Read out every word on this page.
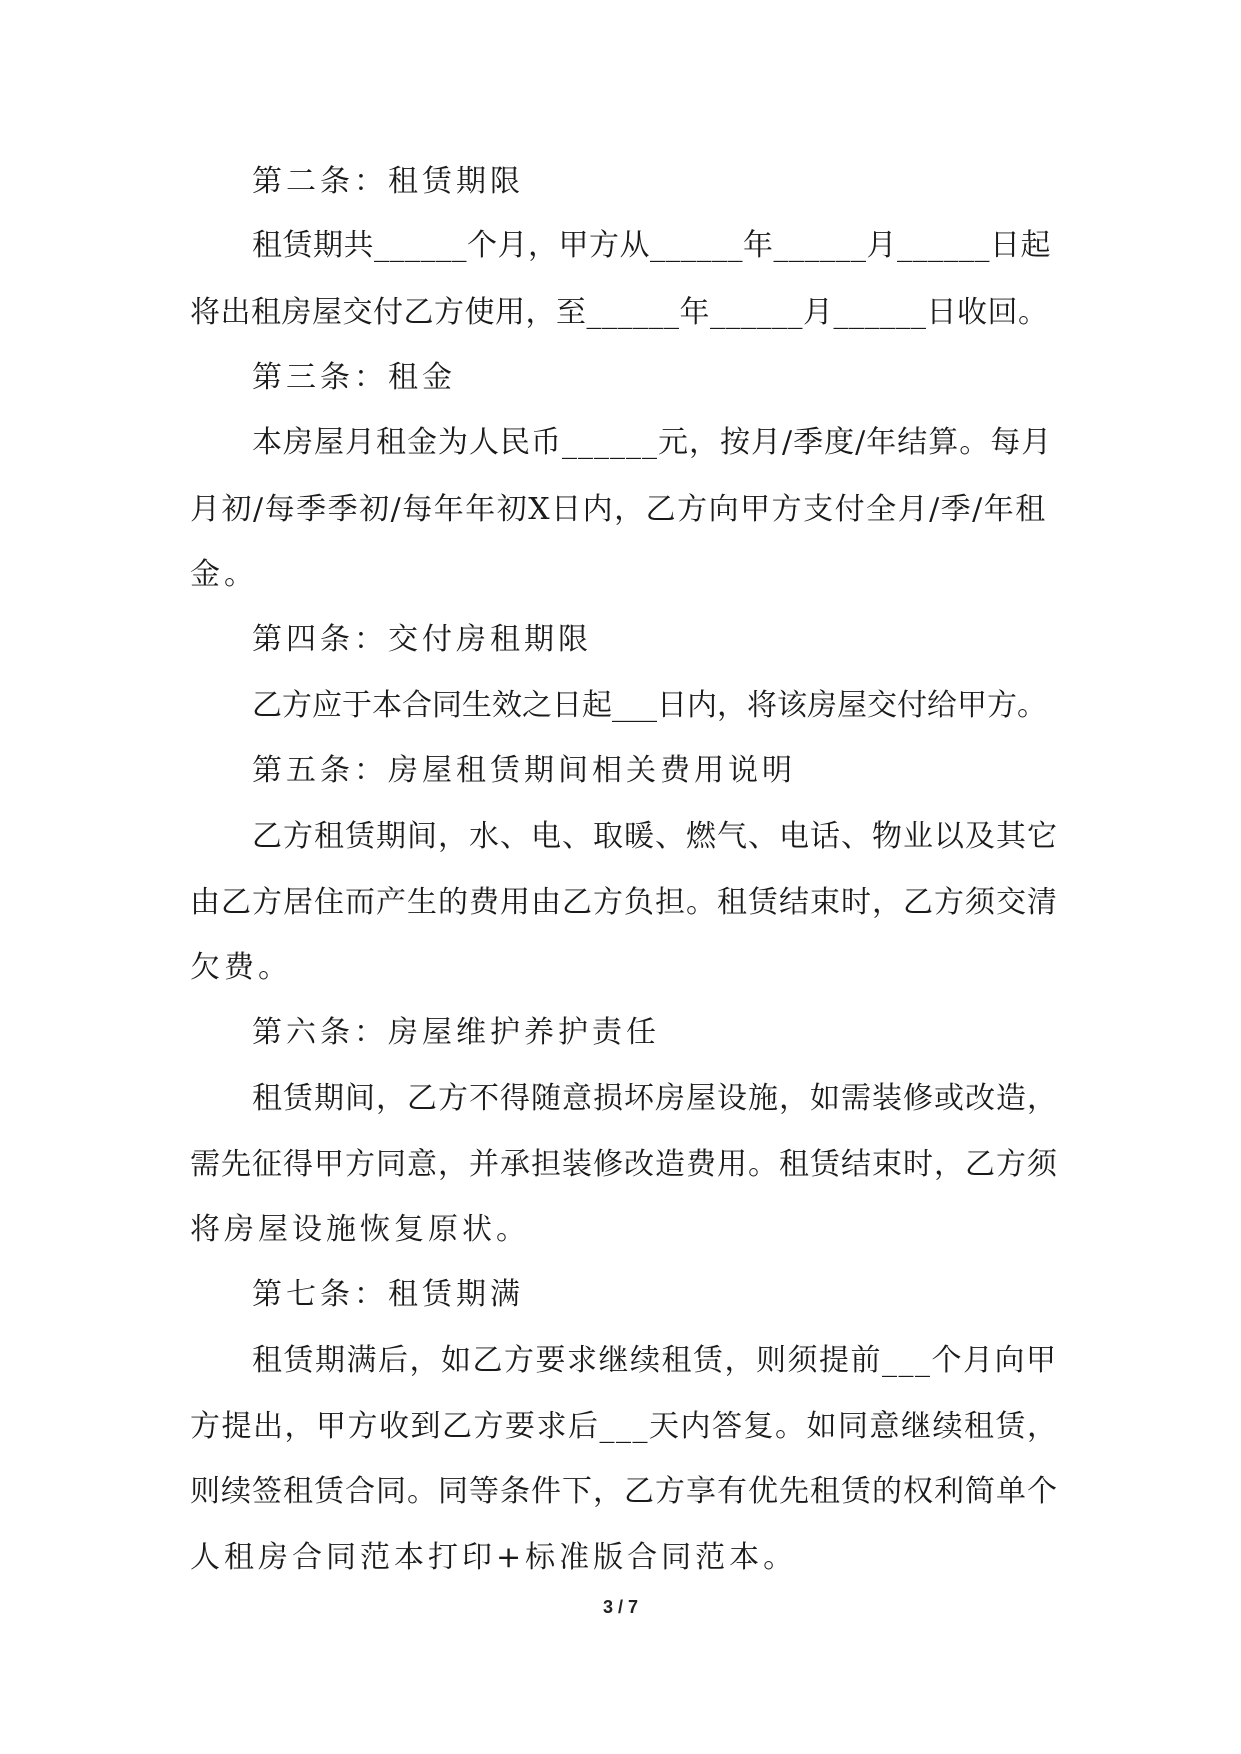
第二条：租赁期限
租赁期共______个月，甲方从______年______月______日起
将出租房屋交付乙方使用，至______年______月______日收回。
第三条：租金
本房屋月租金为人民币______元，按月/季度/年结算。每月
月初/每季季初/每年年初X日内，乙方向甲方支付全月/季/年租
金。
第四条：交付房租期限
乙方应于本合同生效之日起___日内，将该房屋交付给甲方。
第五条：房屋租赁期间相关费用说明
乙方租赁期间，水、电、取暖、燃气、电话、物业以及其它
由乙方居住而产生的费用由乙方负担。租赁结束时，乙方须交清
欠费。
第六条：房屋维护养护责任
租赁期间，乙方不得随意损坏房屋设施，如需装修或改造，
需先征得甲方同意，并承担装修改造费用。租赁结束时，乙方须
将房屋设施恢复原状。
第七条：租赁期满
租赁期满后，如乙方要求继续租赁，则须提前___个月向甲
方提出，甲方收到乙方要求后___天内答复。如同意继续租赁，
则续签租赁合同。同等条件下，乙方享有优先租赁的权利简单个
人租房合同范本打印+标准版合同范本。
3 / 7
